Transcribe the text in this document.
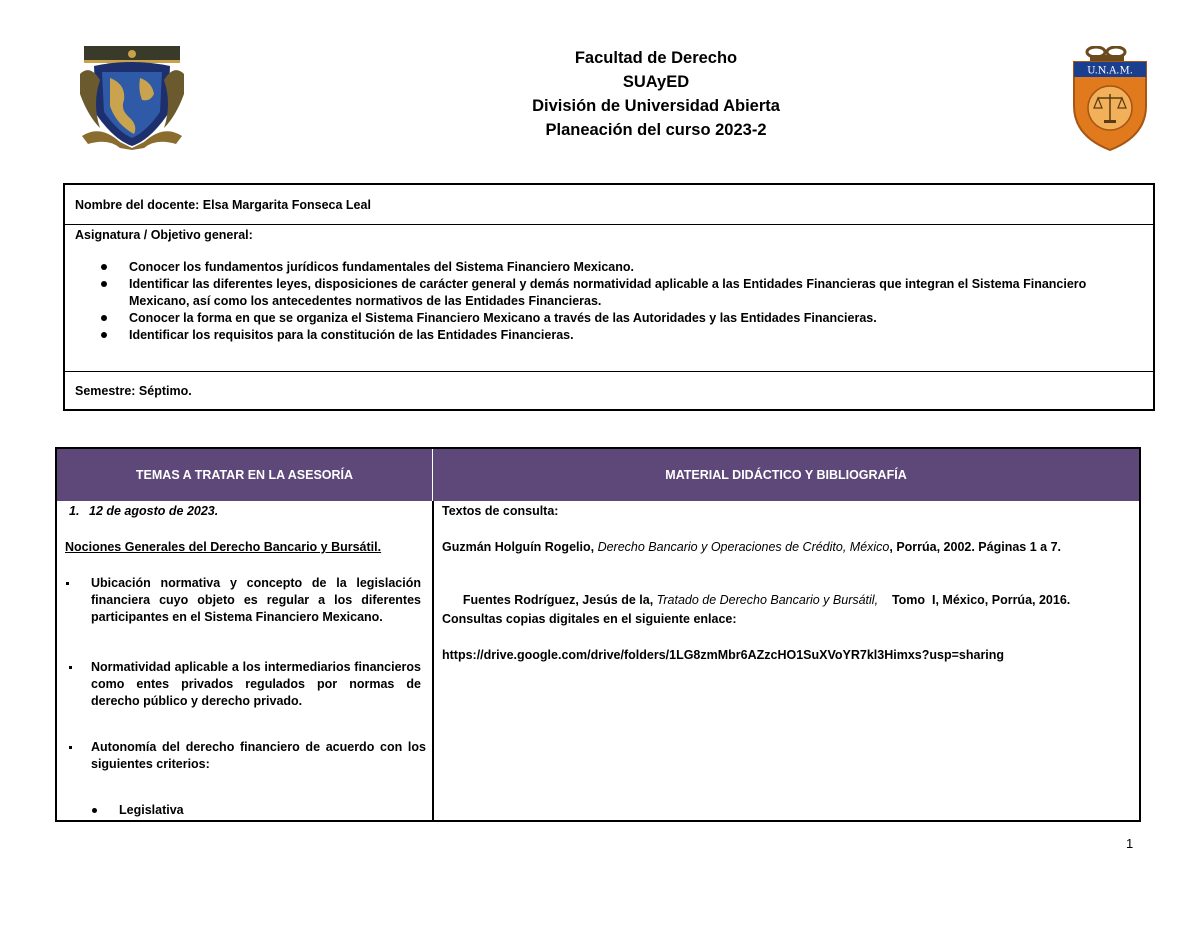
Facultad de Derecho
SUAyED
División de Universidad Abierta
Planeación del curso 2023-2
U.N.A.M.
Nombre del docente: Elsa Margarita Fonseca Leal
Asignatura / Objetivo general:
Conocer los fundamentos jurídicos fundamentales del Sistema Financiero Mexicano.
Identificar las diferentes leyes, disposiciones de carácter general y demás normatividad aplicable a las Entidades Financieras que integran el Sistema Financiero Mexicano, así como los antecedentes normativos de las Entidades Financieras.
Conocer la forma en que se organiza el Sistema Financiero Mexicano a través de las Autoridades y las Entidades Financieras.
Identificar los requisitos para la constitución de las Entidades Financieras.
Semestre: Séptimo.
TEMAS A TRATAR EN LA ASESORÍA	MATERIAL DIDÁCTICO Y BIBLIOGRAFÍA
1. 12 de agosto de 2023.
Nociones Generales del Derecho Bancario y Bursátil.
Ubicación normativa y concepto de la legislación financiera cuyo objeto es regular a los diferentes participantes en el Sistema Financiero Mexicano.
Normatividad aplicable a los intermediarios financieros como entes privados regulados por normas de derecho público y derecho privado.
Autonomía del derecho financiero de acuerdo con los siguientes criterios:
Legislativa
Textos de consulta:
Guzmán Holguín Rogelio, Derecho Bancario y Operaciones de Crédito, México, Porrúa, 2002. Páginas 1 a 7.

Fuentes Rodríguez, Jesús de la, Tratado de Derecho Bancario y Bursátil,    Tomo  I, México, Porrúa, 2016.

Consultas copias digitales en el siguiente enlace:
https://drive.google.com/drive/folders/1LG8zmMbr6AZzcHO1SuXVoYR7kl3Himxs?usp=sharing
1
